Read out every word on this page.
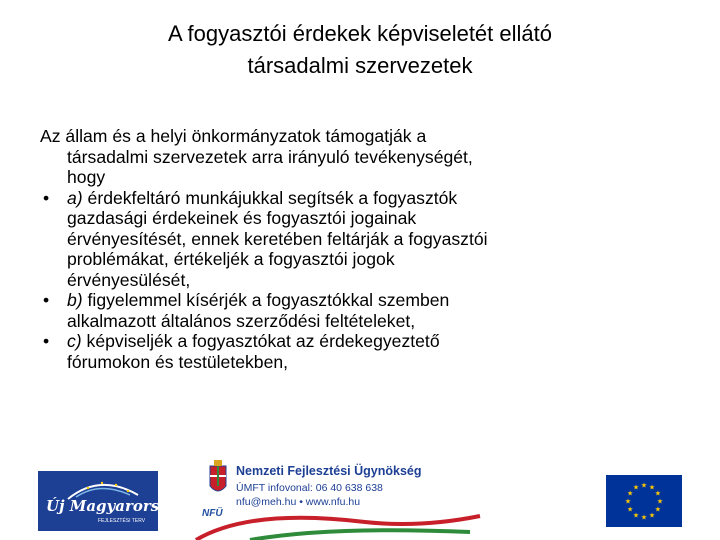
A fogyasztói érdekek képviseletét ellátó
társadalmi szervezetek

Az állam és a helyi önkormányzatok támogatják a
társadalmi szervezetek arra irányuló tevékenységét,
hogy

• a) érdekfeltáró munkájukkal segítsék a fogyasztók
gazdasági érdekeinek és fogyasztói jogainak
érvényesítését, ennek keretében feltárják a fogyasztói
problémákat, értékeljék a fogyasztói jogok
érvényesülését,
• b) figyelemmel kísérjék a fogyasztókkal szemben
alkalmazott általános szerződési feltételeket,
• c) képviseljék a fogyasztókat az érdekegyeztető
fórumokon és testületekben,
Új Magyarország
FEJLESZTÉSI TERV
NFÜ
Nemzeti Fejlesztési Ügynökség
ÚMFT infovonal: 06 40 638 638
nfu@meh.hu • www.nfu.hu	★
★
★
★
★
★
★
★
★ ★ ★
★
